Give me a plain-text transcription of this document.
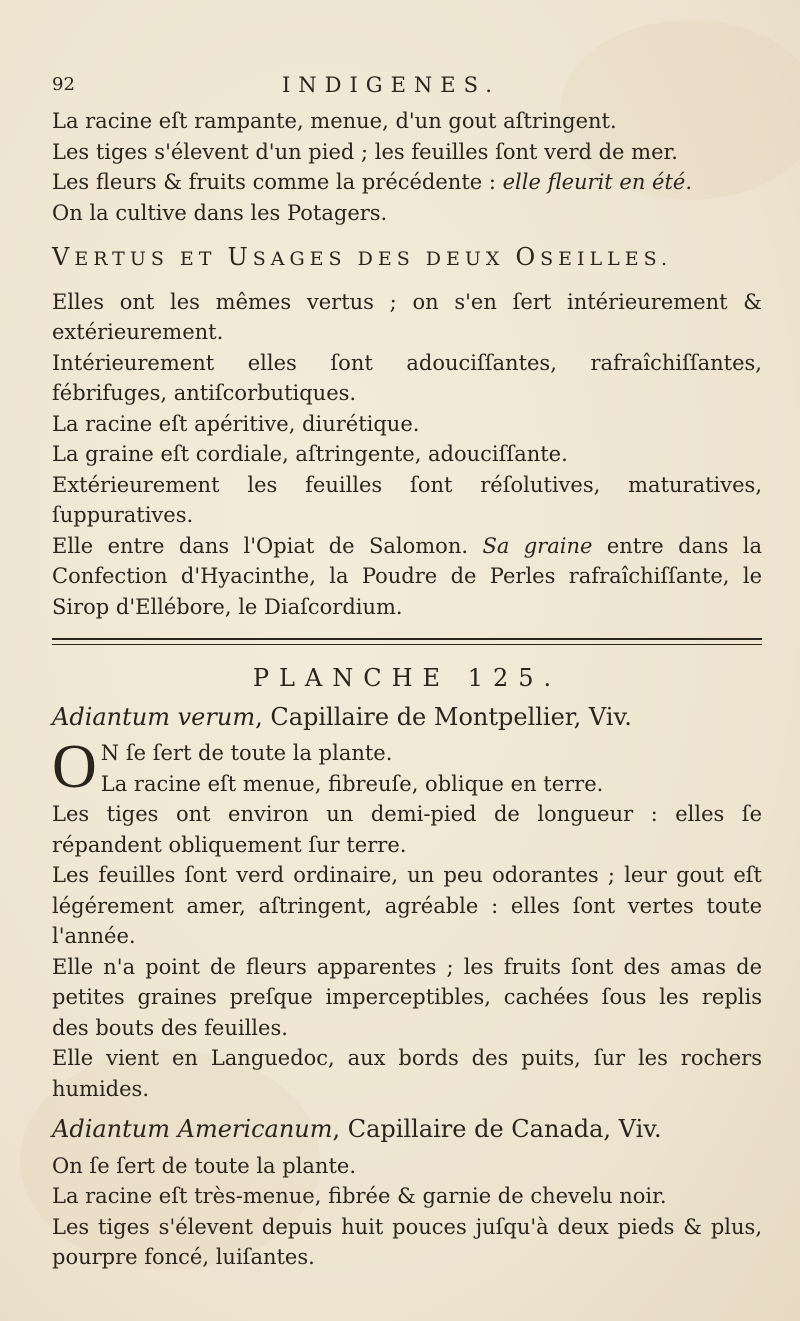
92	INDIGENES.

La racine eſt rampante, menue, d'un gout aſtringent.

Les tiges s'élevent d'un pied ; les feuilles ſont verd de mer.

Les fleurs & fruits comme la précédente : elle fleurit en été.

On la cultive dans les Potagers.

VERTUS ET USAGES DES DEUX OSEILLES.

Elles ont les mêmes vertus ; on s'en ſert intérieurement & extérieurement.

Intérieurement elles ſont adouciſſantes, rafraîchiſſantes, fébrifuges, antiſcorbutiques.

La racine eſt apéritive, diurétique.

La graine eſt cordiale, aſtringente, adouciſſante.

Extérieurement les feuilles ſont réſolutives, maturatives, ſuppuratives.

Elle entre dans l'Opiat de Salomon. Sa graine entre dans la Confection d'Hyacinthe, la Poudre de Perles rafraîchiſſante, le Sirop d'Ellébore, le Diaſcordium.

PLANCHE 125.
Adiantum verum, Capillaire de Montpellier, Viv.
O N ſe ſert de toute la plante.

La racine eſt menue, fibreuſe, oblique en terre.

Les tiges ont environ un demi-pied de longueur : elles ſe répandent obliquement ſur terre.

Les feuilles ſont verd ordinaire, un peu odorantes ; leur gout eſt légérement amer, aſtringent, agréable : elles ſont vertes toute l'année.

Elle n'a point de fleurs apparentes ; les fruits ſont des amas de petites graines preſque imperceptibles, cachées ſous les replis des bouts des feuilles.

Elle vient en Languedoc, aux bords des puits, ſur les rochers humides.

Adiantum Americanum, Capillaire de Canada, Viv.

On ſe ſert de toute la plante.

La racine eſt très-menue, fibrée & garnie de chevelu noir.

Les tiges s'élevent depuis huit pouces juſqu'à deux pieds & plus, pourpre foncé, luiſantes.
